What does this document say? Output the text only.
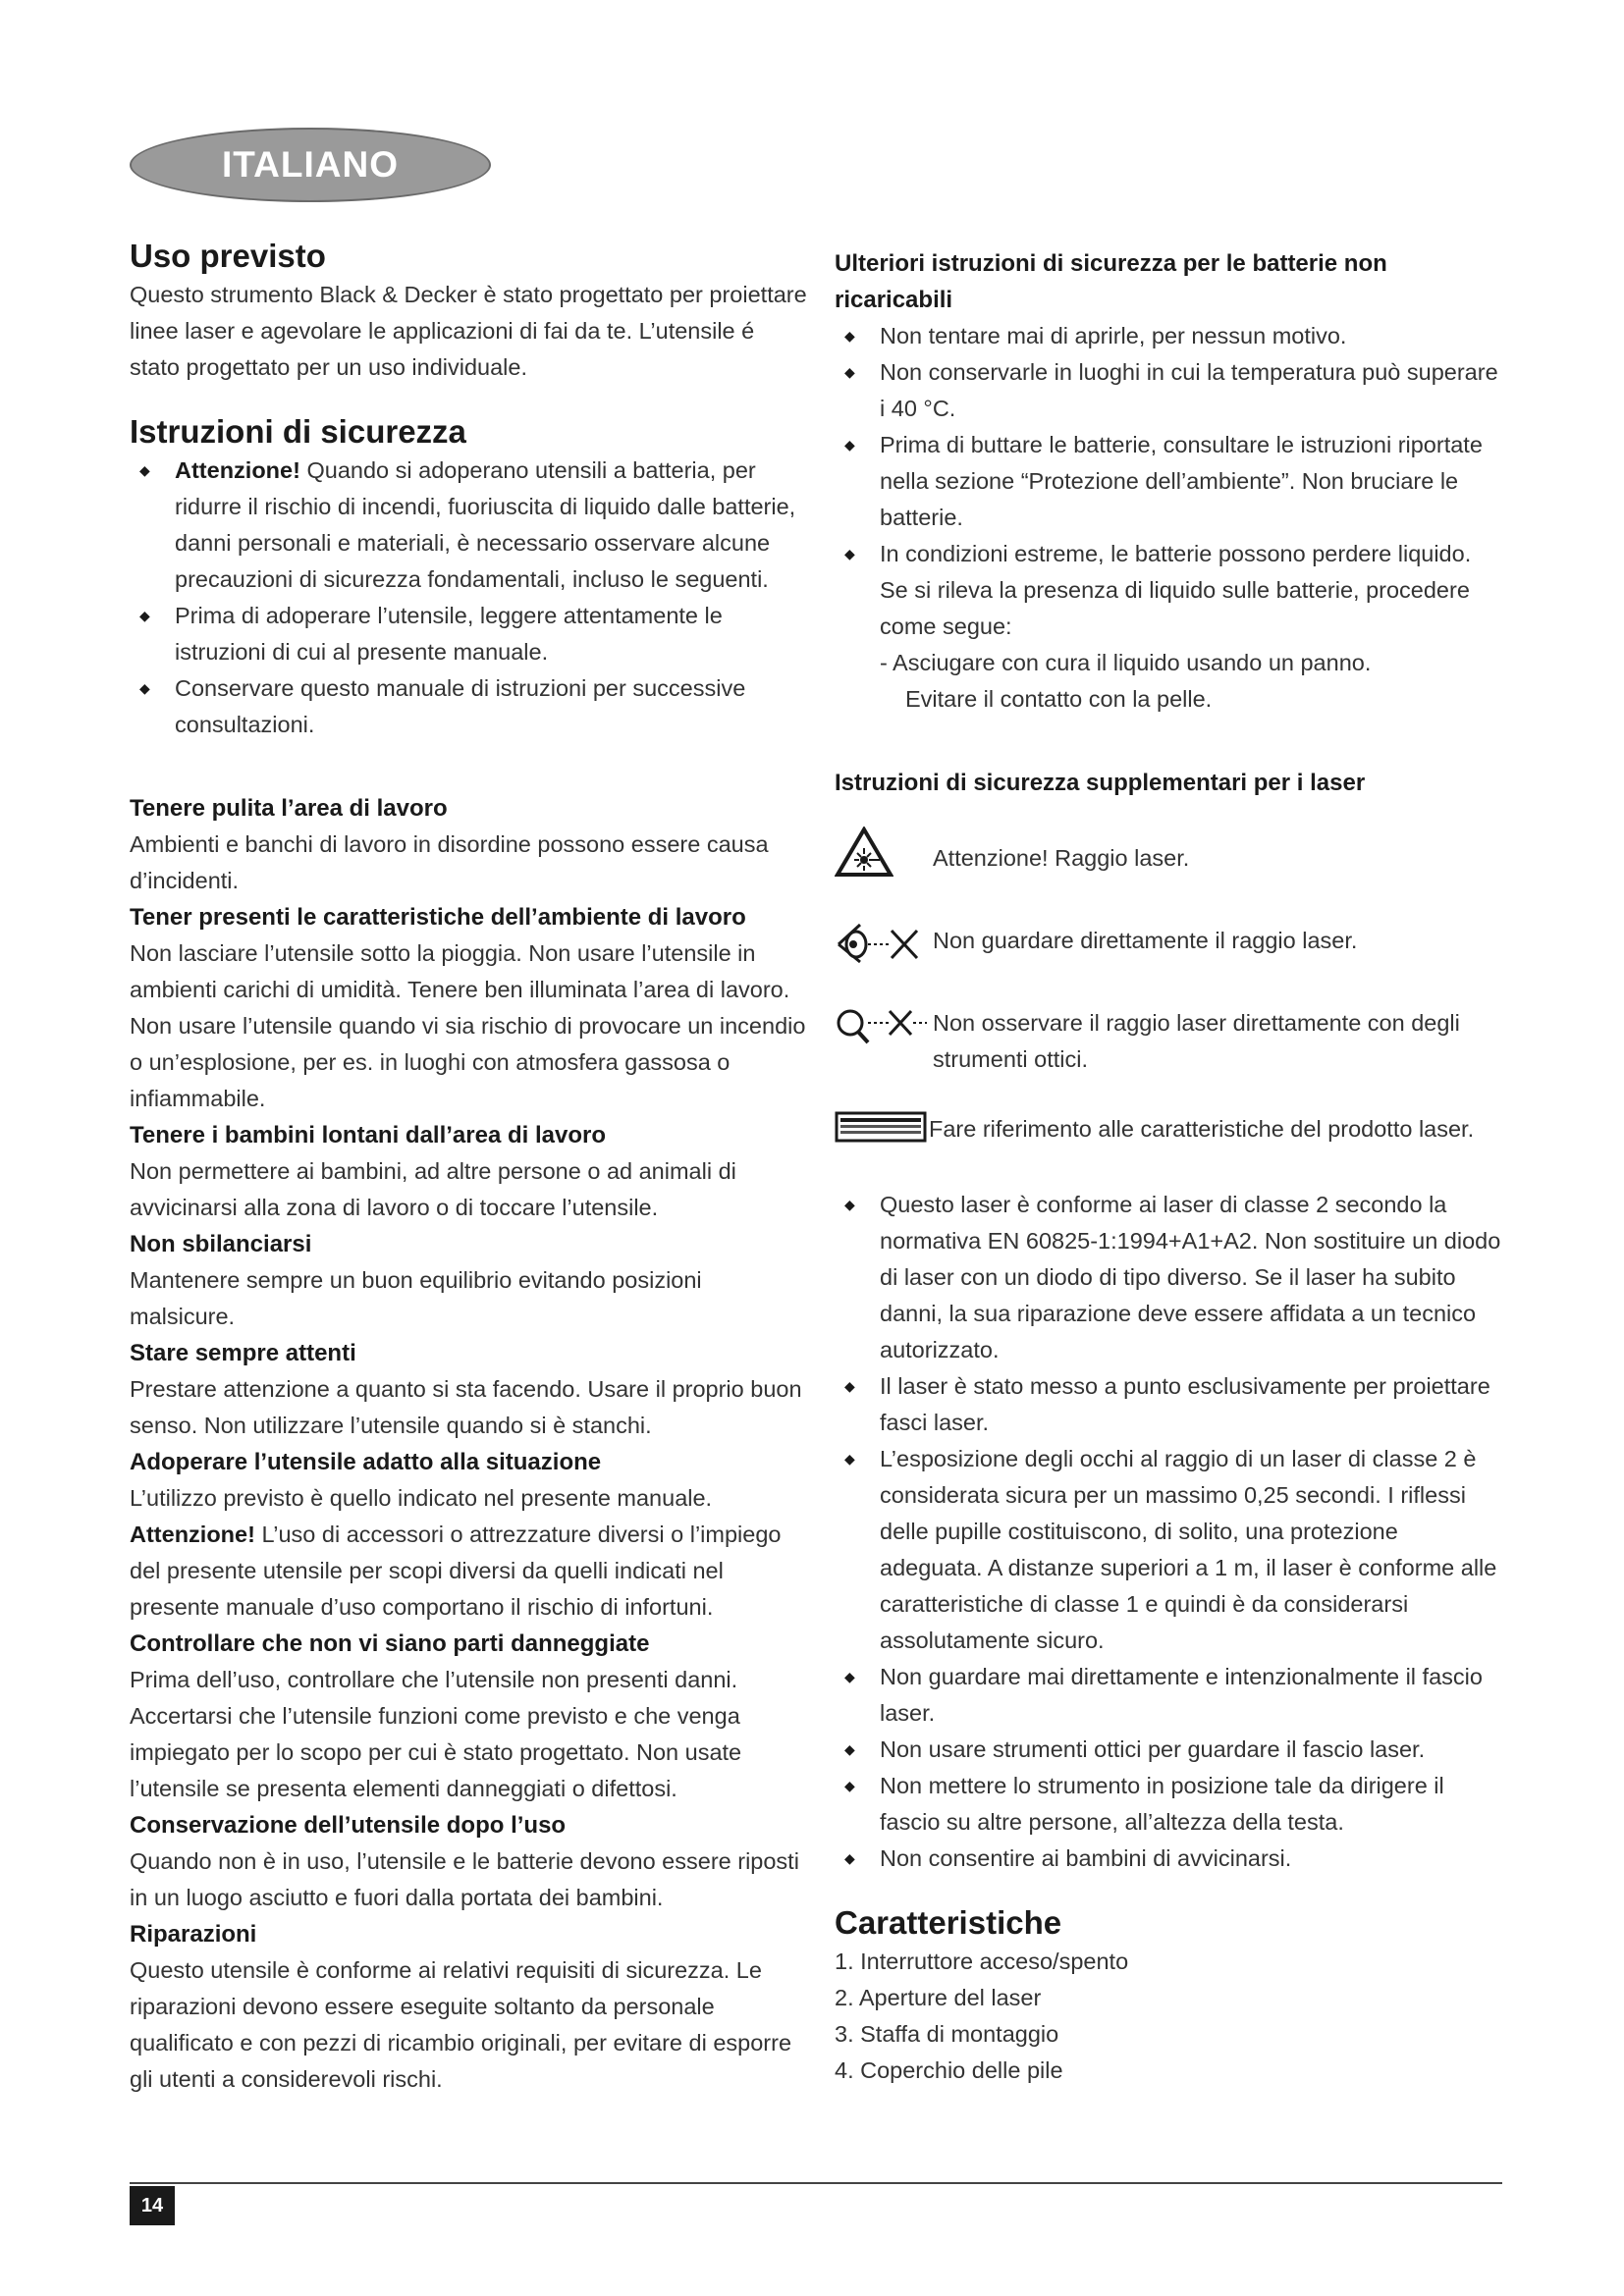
ITALIANO
Uso previsto

Questo strumento Black & Decker è stato progettato per proiettare linee laser e agevolare le applicazioni di fai da te. L’utensile é stato progettato per un uso individuale.

Istruzioni di sicurezza
◆ Attenzione! Quando si adoperano utensili a batteria, per ridurre il rischio di incendi, fuoriuscita di liquido dalle batterie, danni personali e materiali, è necessario osservare alcune precauzioni di sicurezza fondamentali, incluso le seguenti.
◆ Prima di adoperare l’utensile, leggere attentamente le istruzioni di cui al presente manuale.
◆ Conservare questo manuale di istruzioni per successive consultazioni.
Tenere pulita l’area di lavoro

Ambienti e banchi di lavoro in disordine possono essere causa d’incidenti.

Tener presenti le caratteristiche dell’ambiente di lavoro

Non lasciare l’utensile sotto la pioggia. Non usare l’utensile in ambienti carichi di umidità. Tenere ben illuminata l’area di lavoro. Non usare l’utensile quando vi sia rischio di provocare un incendio o un’esplosione, per es. in luoghi con atmosfera gassosa o infiammabile.

Tenere i bambini lontani dall’area di lavoro

Non permettere ai bambini, ad altre persone o ad animali di avvicinarsi alla zona di lavoro o di toccare l’utensile.

Non sbilanciarsi

Mantenere sempre un buon equilibrio evitando posizioni malsicure.

Stare sempre attenti

Prestare attenzione a quanto si sta facendo. Usare il proprio buon senso. Non utilizzare l’utensile quando si è stanchi.

Adoperare l’utensile adatto alla situazione

L’utilizzo previsto è quello indicato nel presente manuale.
Attenzione! L’uso di accessori o attrezzature diversi o l’impiego del presente utensile per scopi diversi da quelli indicati nel presente manuale d’uso comportano il rischio di infortuni.

Controllare che non vi siano parti danneggiate

Prima dell’uso, controllare che l’utensile non presenti danni. Accertarsi che l’utensile funzioni come previsto e che venga impiegato per lo scopo per cui è stato progettato. Non usate l’utensile se presenta elementi danneggiati o difettosi.

Conservazione dell’utensile dopo l’uso

Quando non è in uso, l’utensile e le batterie devono essere riposti in un luogo asciutto e fuori dalla portata dei bambini.

Riparazioni

Questo utensile è conforme ai relativi requisiti di sicurezza. Le riparazioni devono essere eseguite soltanto da personale qualificato e con pezzi di ricambio originali, per evitare di esporre gli utenti a considerevoli rischi.

Ulteriori istruzioni di sicurezza per le batterie non ricaricabili
◆ Non tentare mai di aprirle, per nessun motivo.
◆ Non conservarle in luoghi in cui la temperatura può superare i 40 °C.
◆ Prima di buttare le batterie, consultare le istruzioni riportate nella sezione “Protezione dell’ambiente”. Non bruciare le batterie.
◆ In condizioni estreme, le batterie possono perdere liquido. Se si rileva la presenza di liquido sulle batterie, procedere come segue:
- Asciugare con cura il liquido usando un panno.
Evitare il contatto con la pelle.
Istruzioni di sicurezza supplementari per i laser
Attenzione! Raggio laser.
Non guardare direttamente il raggio laser.
Non osservare il raggio laser direttamente con degli strumenti ottici.
Fare riferimento alle caratteristiche del prodotto laser.
◆ Questo laser è conforme ai laser di classe 2 secondo la normativa EN 60825-1:1994+A1+A2. Non sostituire un diodo di laser con un diodo di tipo diverso. Se il laser ha subito danni, la sua riparazione deve essere affidata a un tecnico autorizzato.
◆ Il laser è stato messo a punto esclusivamente per proiettare fasci laser.
◆ L’esposizione degli occhi al raggio di un laser di classe 2 è considerata sicura per un massimo 0,25 secondi. I riflessi delle pupille costituiscono, di solito, una protezione adeguata. A distanze superiori a 1 m, il laser è conforme alle caratteristiche di classe 1 e quindi è da considerarsi assolutamente sicuro.
◆ Non guardare mai direttamente e intenzionalmente il fascio laser.
◆ Non usare strumenti ottici per guardare il fascio laser.
◆ Non mettere lo strumento in posizione tale da dirigere il fascio su altre persone, all’altezza della testa.
◆ Non consentire ai bambini di avvicinarsi.
Caratteristiche
1. Interruttore acceso/spento
2. Aperture del laser
3. Staffa di montaggio
4. Coperchio delle pile
14
